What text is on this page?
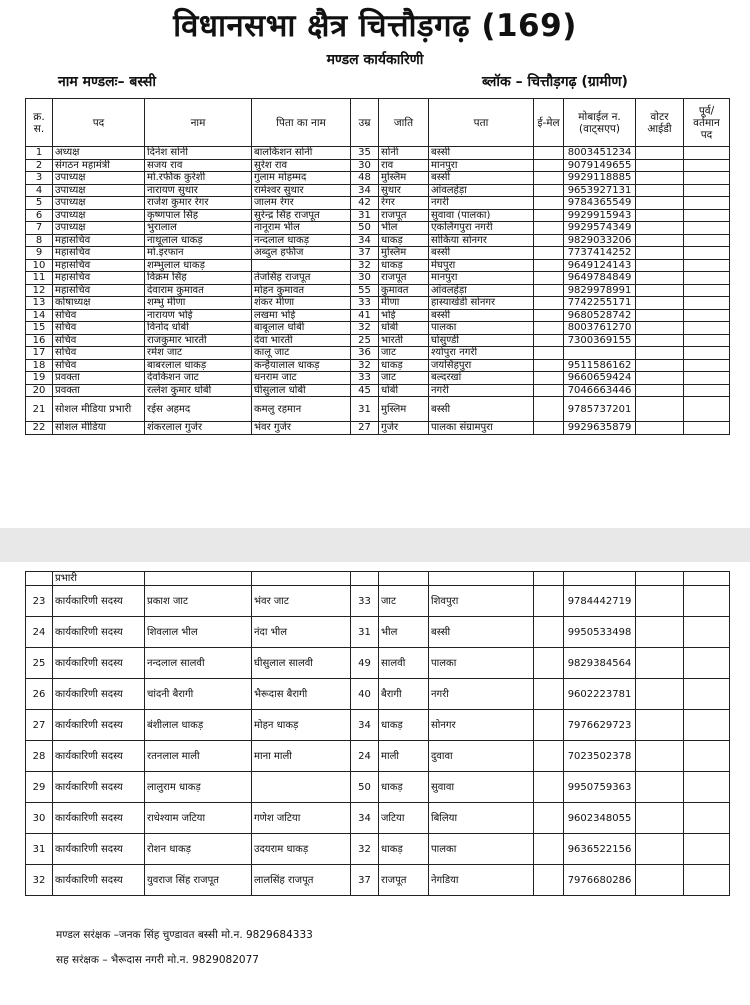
विधानसभा क्षैत्र चित्तौड़गढ़ (169)
मण्डल कार्यकारिणी
नाम मण्डलः– बस्सी	ब्लॉक – चित्तौड़गढ़ (ग्रामीण)
क्र. स.	पद	नाम	पिता का नाम	उम्र	जाति	पता	ई-मेल	मोबाईल न. (वाट्सएप)	वोटर आईडी	पूर्व/ वर्तमान पद
1	अध्यक्ष	दिनेश सोनी	बालकिशन सोनी	35	सोनी	बस्सी		8003451234		
2	संगठन महामंत्री	सजय राव	सुरेश राव	30	राव	मानपुरा		9079149655		
3	उपाध्यक्ष	मो.रफीक कुरेशी	गुलाम मोहम्मद	48	मुस्लिम	बस्सी		9929118885		
4	उपाध्यक्ष	नारायण सुथार	रामेश्वर सुथार	34	सुथार	आंवलहेड़ा		9653927131		
5	उपाध्यक्ष	राजेश कुमार रेगर	जालम रेगर	42	रेगर	नगरी		9784365549		
6	उपाध्यक्ष	कृष्णपाल सिंह	सुरेन्द्र सिंह राजपूत	31	राजपूत	सुवावा (पालका)		9929915943		
7	उपाध्यक्ष	भुरालाल	नानूराम भील	50	भील	एकलिंगपुरा नगरी		9929574349		
8	महासचिव	नाथूलाल धाकड़	नन्दलाल धाकड़	34	धाकड़	सोकिया सोनगर		9829033206		
9	महासचिव	मो.इरफान	अब्दुल हफीज	37	मुस्लिम	बस्सी		7737414252		
10	महासचिव	शम्भुलाल धाकड़		32	धाकड़	मेघपुरा		9649124143		
11	महासचिव	विक्रम सिंह	तेजसिंह राजपूत	30	राजपूत	मानपुरा		9649784849		
12	महासचिव	देवाराम कुमावत	मोहन कुमावत	55	कुमावत	आंवलहेड़ा		9829978991		
13	कोषाध्यक्ष	शम्भु मीणा	शंकर मीणा	33	मीणा	हास्याखेडी सोनगर		7742255171		
14	सचिव	नारायण भोई	लखमा भोई	41	भोई	बस्सी		9680528742		
15	सचिव	विनोद धोबी	बाबूलाल धोबी	32	धोबी	पालका		8003761270		
16	सचिव	राजकुमार भारती	देवा भारती	25	भारती	घोसुण्डी		7300369155		
17	सचिव	रमेश जाट	कालू जाट	36	जाट	श्योपुरा नगरी				
18	सचिव	बाबरलाल धाकड़	कन्हैयालाल धाकड़	32	धाकड़	जयसिंहपुरा		9511586162		
19	प्रवक्ता	देवकिशन जाट	धनराम जाट	33	जाट	बल्दरखां		9660659424		
20	प्रवक्ता	रत्लेश कुमार धोबी	घीसुलाल धोबी	45	धोबी	नगरी		7046663446		
21	सोशल मीडिया प्रभारी	रईस अहमद	कमलु रहमान	31	मुस्लिम	बस्सी		9785737201		
22	सोशल मीडिया	शंकरलाल गुर्जर	भंवर गुर्जर	27	गुर्जर	पालका संग्रामपुरा		9929635879		
	प्रभारी									
23	कार्यकारिणी सदस्य	प्रकाश जाट	भंवर जाट	33	जाट	शिवपुरा		9784442719		
24	कार्यकारिणी सदस्य	शिवलाल भील	नंदा भील	31	भील	बस्सी		9950533498		
25	कार्यकारिणी सदस्य	नन्दलाल सालवी	घीसुलाल सालवी	49	सालवी	पालका		9829384564		
26	कार्यकारिणी सदस्य	चांदनी बैरागी	भैरूदास बैरागी	40	बैरागी	नगरी		9602223781		
27	कार्यकारिणी सदस्य	बंशीलाल धाकड़	मोहन धाकड़	34	धाकड़	सोनगर		7976629723		
28	कार्यकारिणी सदस्य	रतनलाल माली	माना माली	24	माली	दुवावा		7023502378		
29	कार्यकारिणी सदस्य	लालुराम धाकड़		50	धाकड़	सुवावा		9950759363		
30	कार्यकारिणी सदस्य	राधेश्याम जटिया	गणेश जटिया	34	जटिया	बिलिया		9602348055		
31	कार्यकारिणी सदस्य	रोशन धाकड़	उदयराम धाकड़	32	धाकड़	पालका		9636522156		
32	कार्यकारिणी सदस्य	युवराज सिंह राजपूत	लालसिंह राजपूत	37	राजपूत	नेगडिया		7976680286		
मण्डल सरंक्षक –जनक सिंह चुण्डावत बस्सी मो.न. 9829684333
सह सरंक्षक – भैरूदास नगरी मो.न. 9829082077
